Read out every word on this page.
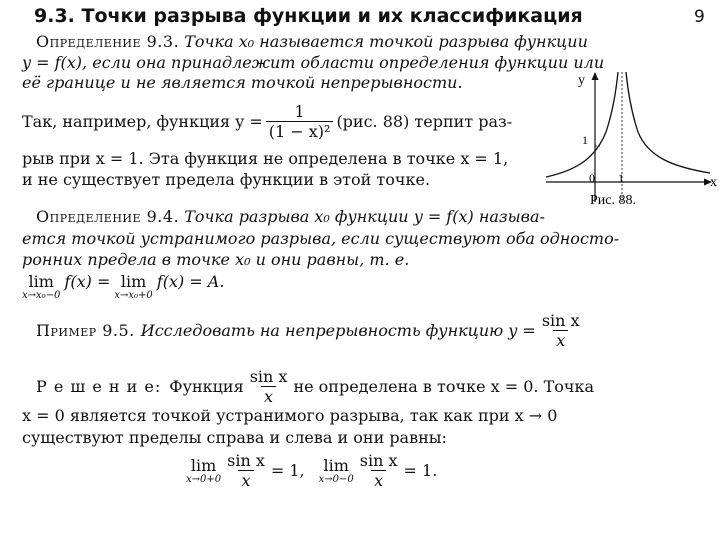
9.3. Точки разрыва функции и их классификация	9
Определение 9.3. Точка x₀ называется точкой разрыва функции
y = f(x), если она принадлежит области определения функции или
её границе и не является точкой непрерывности.
Так, например, функция $y = \frac{1}{\text{(1 − x)²}} (рис$. 88) терпит раз-
рыв при x = 1. Эта функция не определена в точке x = 1,
и не существует предела функции в этой точке.
y
x
1
0 1
Рис. 88.
Определение 9.4. Точка разрыва x₀ функции y = f(x) называ-
ется точкой устранимого разрыва, если существуют оба односто-
ронних предела в точке x₀ и они равны, т. е.
lim
x→x₀−0
f(x) = lim
x→x₀+0
f(x) = A.
Пример 9.5. Исследовать на непрерывность функцию $y = \frac{\text{sin x}}{x}$
Р е ш е н и е: Функция $\frac{\text{sin x}}{x}$ не определена в точке x = 0. Точка
x = 0 является точкой устранимого разрыва, так как при x → 0
существуют пределы справа и слева и они равны:
lim
$x\to 0+0 \frac{\text{sin x}}{x} = 1$, lim
$x\to 0-0 \frac{\text{sin x}}{x} = 1$.
